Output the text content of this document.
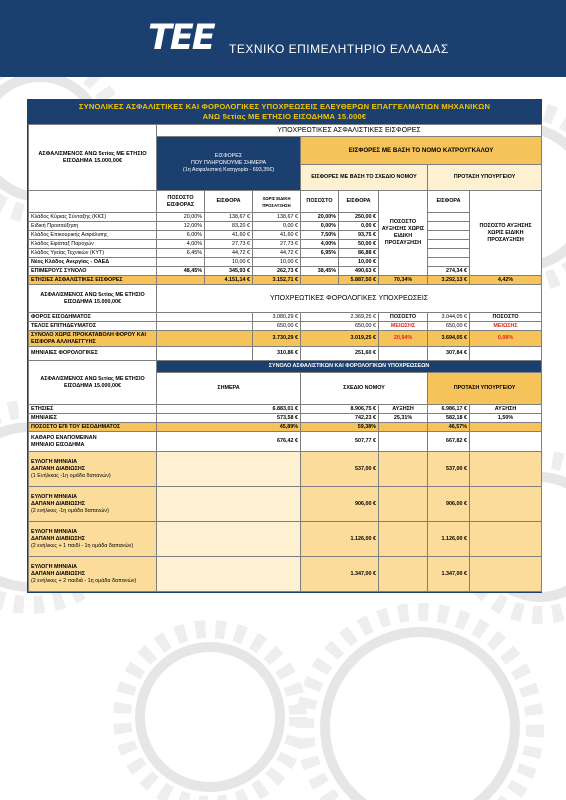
ΤΕΕ ΤΕΧΝΙΚΟ ΕΠΙΜΕΛΗΤΗΡΙΟ ΕΛΛΑΔΑΣ
ΣΥΝΟΛΙΚΕΣ ΑΣΦΑΛΙΣΤΙΚΕΣ ΚΑΙ ΦΟΡΟΛΟΓΙΚΕΣ ΥΠΟΧΡΕΩΣΕΙΣ ΕΛΕΥΘΕΡΩΝ ΕΠΑΓΓΕΛΜΑΤΙΩΝ ΜΗΧΑΝΙΚΩΝ
ΑΝΩ 5ετίας ΜΕ ΕΤΗΣΙΟ ΕΙΣΟΔΗΜΑ 15.000€
ΑΣΦΑΛΙΣΜΕΝΟΣ ΑΝΩ 5ετίας ΜΕ ΕΤΗΣΙΟ ΕΙΣΟΔΗΜΑ 15.000,00€	ΥΠΟΧΡΕΩΤΙΚΕΣ ΑΣΦΑΛΙΣΤΙΚΕΣ ΕΙΣΦΟΡΕΣ							

	ΕΙΣΦΟΡΕΣ
ΠΟΥ ΠΛΗΡΩΝΟΥΜΕ ΣΗΜΕΡΑ
(1η Ασφαλιστική Κατηγορία - 693,35€)			ΕΙΣΦΟΡΕΣ ΜΕ ΒΑΣΗ ΤΟ ΝΟΜΟ ΚΑΤΡΟΥΓΚΑΛΟΥ				
				ΕΙΣΦΟΡΕΣ ΜΕ ΒΑΣΗ ΤΟ ΣΧΕΔΙΟ ΝΟΜΟΥ			ΠΡΟΤΑΣΗ ΥΠΟΥΡΓΕΙΟΥ	
	ΠΟΣΟΣΤΟ ΕΙΣΦΟΡΑΣ	ΕΙΣΦΟΡΑ	ΧΩΡΙΣ ΕΙΔΙΚΗ ΠΡΟΣΑΥΞΗΣΗ	ΠΟΣΟΣΤΟ	ΕΙΣΦΟΡΑ	ΠΟΣΟΣΤΟ ΑΥΞΗΣΗΣ ΧΩΡΙΣ ΕΙΔΙΚΗ ΠΡΟΣΑΥΞΗΣΗ	ΕΙΣΦΟΡΑ	ΠΟΣΟΣΤΟ ΑΥΞΗΣΗΣ ΧΩΡΙΣ ΕΙΔΙΚΗ ΠΡΟΣΑΥΞΗΣΗ
Κλάδος Κύριας Σύνταξης (ΚΚΣ)	20,00%	138,67 €	138,67 €	20,00%	250,00 €			
Ειδική Προσαύξηση	12,00%	83,20 €	0,00 €	0,00%	0,00 €			
Κλάδος Επικουρικής Ασφάλισης	6,00%	41,60 €	41,60 €	7,50%	93,75 €			
Κλάδος Εφάπαξ Παροχών	4,00%	27,73 €	27,73 €	4,00%	50,00 €			
Κλάδος Υγείας Τεχνικών (ΚΥΤ)	6,45%	44,72 €	44,72 €	6,95%	86,88 €			
Νέος Κλάδος Ανεργίας - ΟΑΕΔ		10,00 €	10,00 €		10,00 €			
ΕΠΙΜΕΡΟΥΣ ΣΥΝΟΛΟ	48,45%	345,93 €	262,73 €	38,45%	490,63 €		274,34 €	
ΕΤΗΣΙΕΣ ΑΣΦΑΛΙΣΤΙΚΕΣ ΕΙΣΦΟΡΕΣ		4.151,14 €	3.152,71 €		5.887,50 €	70,34%	3.292,13 €	4,42%
ΑΣΦΑΛΙΣΜΕΝΟΣ ΑΝΩ 5ετίας ΜΕ ΕΤΗΣΙΟ ΕΙΣΟΔΗΜΑ 15.000,00€	ΥΠΟΧΡΕΩΤΙΚΕΣ ΦΟΡΟΛΟΓΙΚΕΣ ΥΠΟΧΡΕΩΣΕΙΣ							
ΦΟΡΟΣ ΕΙΣΟΔΗΜΑΤΟΣ			3.080,29 €	2.369,25 €		ΠΟΣΟΣΤΟ	3.044,05 €	ΠΟΣΟΣΤΟ
ΤΕΛΟΣ ΕΠΙΤΗΔΕΥΜΑΤΟΣ			650,00 €	650,00 €		ΜΕΙΩΣΗΣ	650,00 €	ΜΕΙΩΣΗΣ
ΣΥΝΟΛΟ ΧΩΡΙΣ ΠΡΟΚΑΤΑΒΟΛΗ ΦΟΡΟΥ ΚΑΙ ΕΙΣΦΟΡΑ ΑΛΛΗΛΕΓΓΥΗΣ			3.730,29 €	3.019,25 €		20,94%	3.694,05 €	0,98%
ΜΗΝΙΑΙΕΣ ΦΟΡΟΛΟΓΙΚΕΣ			310,86 €	251,60 €			307,84 €	
ΑΣΦΑΛΙΣΜΕΝΟΣ ΑΝΩ 5ετίας ΜΕ ΕΤΗΣΙΟ ΕΙΣΟΔΗΜΑ 15.000,00€	ΣΥΝΟΛΟ ΑΣΦΑΛΙΣΤΙΚΩΝ ΚΑΙ ΦΟΡΟΛΟΓΙΚΩΝ ΥΠΟΧΡΕΩΣΕΩΝ							
	ΣΗΜΕΡΑ			ΣΧΕΔΙΟ ΝΟΜΟΥ			ΠΡΟΤΑΣΗ ΥΠΟΥΡΓΕΙΟΥ	
ΕΤΗΣΙΕΣ	6.883,01 €			8.906,75 €		ΑΥΞΗΣΗ	6.986,17 €	ΑΥΞΗΣΗ
ΜΗΝΙΑΙΕΣ	573,58 €			742,23 €		25,31%	582,18 €	1,50%
ΠΟΣΟΣΤΟ ΕΠΙ ΤΟΥ ΕΙΣΟΔΗΜΑΤΟΣ	45,89%			59,38%			46,57%	

ΚΑΘΑΡΟ ΕΝΑΠΟΜΕΙΝΑΝ
ΜΗΝΙΑΙΟ ΕΙΣΟΔΗΜΑ	676,42 €			507,77 €			667,82 €	

ΕΥΛΟΓΗ ΜΗΝΙΑΙΑ
ΔΑΠΑΝΗ ΔΙΑΒΙΩΣΗΣ
(1 Ενήλικας -1η ομάδα δαπανών)				537,00 €			537,00 €	

ΕΥΛΟΓΗ ΜΗΝΙΑΙΑ
ΔΑΠΑΝΗ ΔΙΑΒΙΩΣΗΣ
(2 ενήλικες -1η ομάδα δαπανών)				906,00 €			906,00 €	

ΕΥΛΟΓΗ ΜΗΝΙΑΙΑ
ΔΑΠΑΝΗ ΔΙΑΒΙΩΣΗΣ
(2 ενήλικες + 1 παιδί - 1η ομάδα δαπανών)				1.126,00 €			1.126,00 €	

ΕΥΛΟΓΗ ΜΗΝΙΑΙΑ
ΔΑΠΑΝΗ ΔΙΑΒΙΩΣΗΣ
(2 ενήλικες + 2 παιδιά - 1η ομάδα δαπανών)				1.347,00 €			1.347,00 €	
